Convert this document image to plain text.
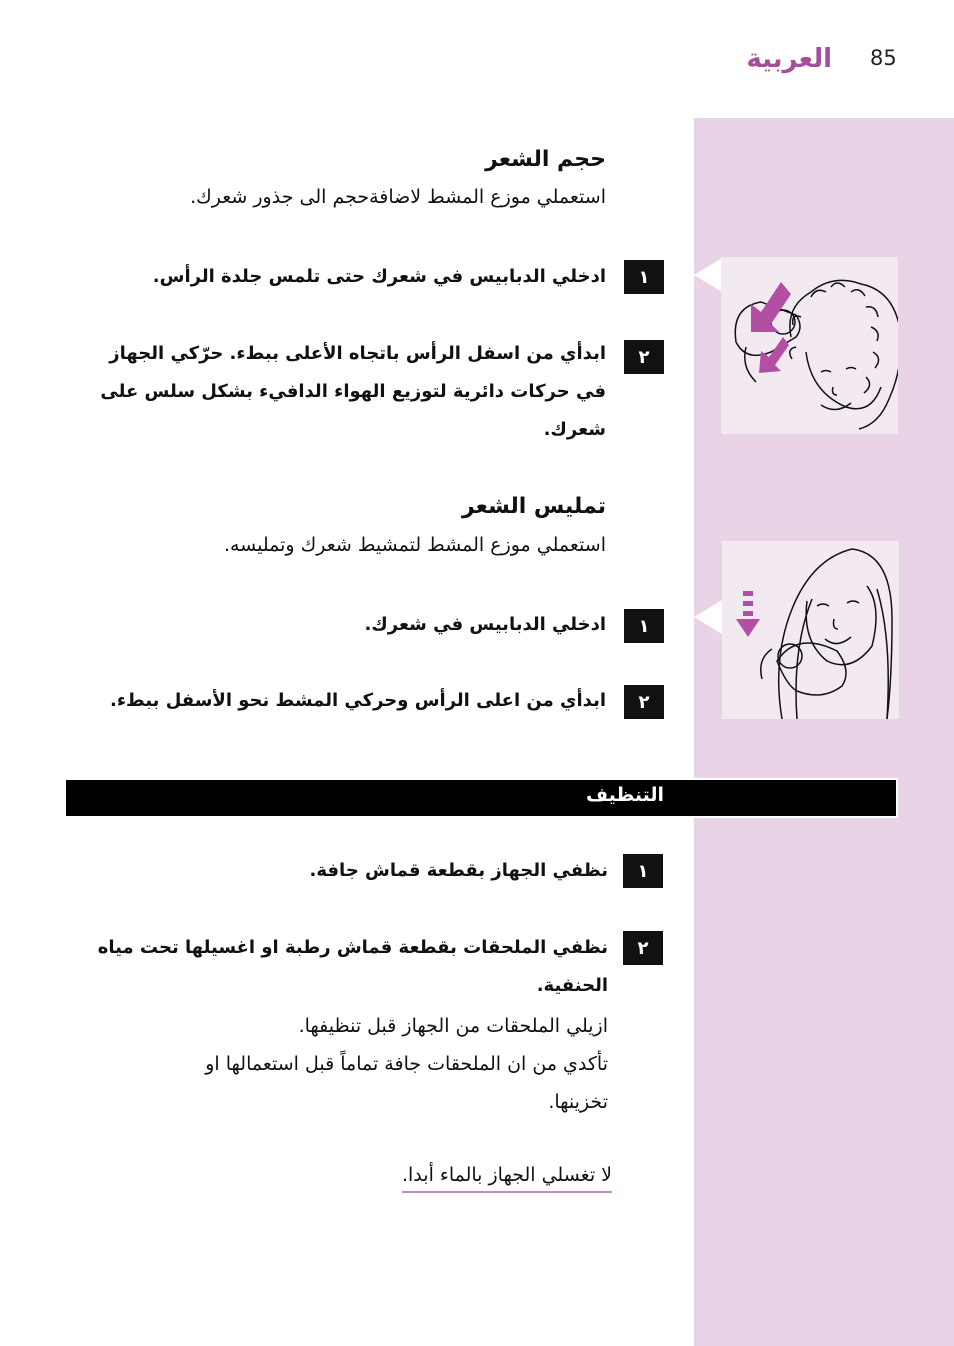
85
العربية
حجم الشعر
استعملي موزع المشط لاضافةحجم الى جذور شعرك.
١
ادخلي الدبابيس في شعرك حتى تلمس جلدة الرأس.
٢
ابدأي من اسفل الرأس باتجاه الأعلى ببطء. حرّكي الجهاز
في حركات دائرية لتوزيع الهواء الدافيء بشكل سلس على
شعرك.
تمليس الشعر
استعملي موزع المشط لتمشيط شعرك وتمليسه.
١
ادخلي الدبابيس في شعرك.
٢
ابدأي من اعلى الرأس وحركي المشط نحو الأسفل ببطء.
التنظيف
١
نظفي الجهاز بقطعة قماش جافة.
٢
نظفي الملحقات بقطعة قماش رطبة او اغسيلها تحت مياه
الحنفية.
ازيلي الملحقات من الجهاز قبل تنظيفها.
تأكدي من ان الملحقات جافة تماماً قبل استعمالها او
تخزينها.
لا تغسلي الجهاز بالماء أبدا.
